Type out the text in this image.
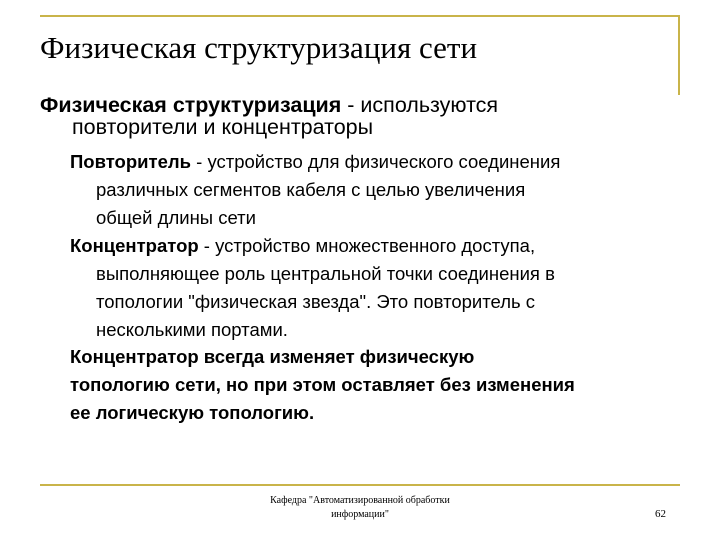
Физическая структуризация сети
Физическая структуризация - используются
повторители и концентраторы
Повторитель - устройство для физического соединения
различных сегментов кабеля с целью увеличения
общей длины сети
Концентратор - устройство множественного доступа,
выполняющее роль центральной точки соединения в
топологии "физическая звезда". Это повторитель с
несколькими портами.
Концентратор всегда изменяет физическую
топологию сети, но при этом оставляет без изменения
ее логическую топологию.
Кафедра "Автоматизированной обработки
информации"	62
